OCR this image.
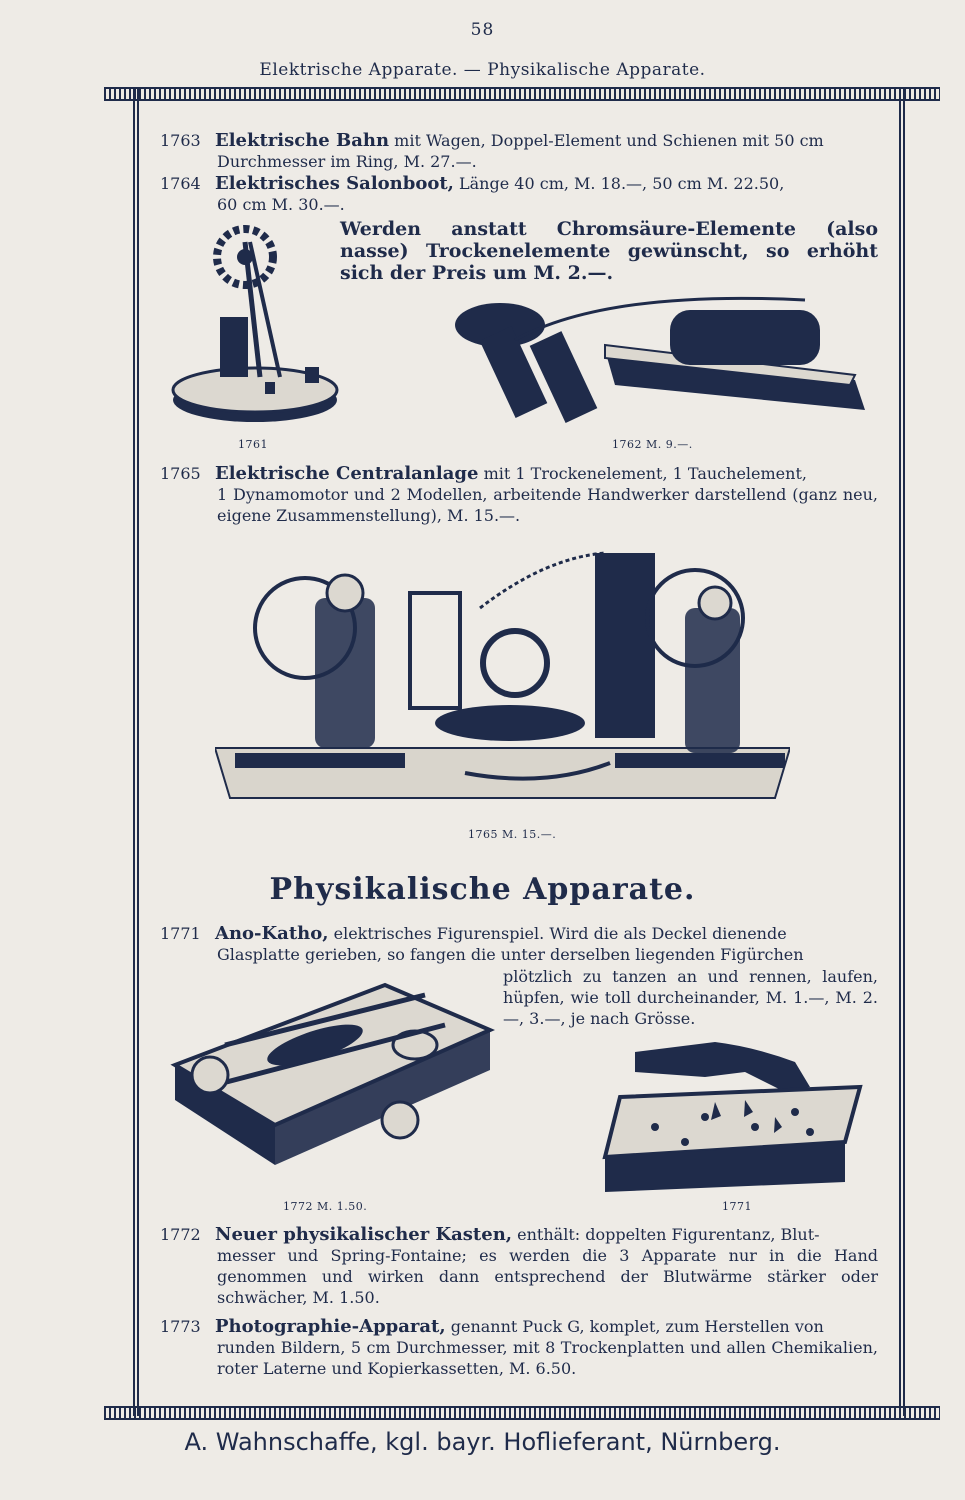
58
Elektrische Apparate. — Physikalische Apparate.
1763 Elektrische Bahn mit Wagen, Doppel-Element und Schienen mit 50 cm
Durchmesser im Ring, M. 27.—.
1764 Elektrisches Salonboot, Länge 40 cm, M. 18.—, 50 cm M. 22.50,
60 cm M. 30.—.
Werden anstatt Chromsäure-Elemente (also nasse) Trockenelemente gewünscht, so erhöht sich der Preis um M. 2.—.
1761	1762 M. 9.—.
1765 Elektrische Centralanlage mit 1 Trockenelement, 1 Tauchelement,
1 Dynamomotor und 2 Modellen, arbeitende Handwerker darstellend (ganz neu, eigene Zusammenstellung), M. 15.—.
1765 M. 15.—.
Physikalische Apparate.
1771 Ano-Katho, elektrisches Figurenspiel. Wird die als Deckel dienende
Glasplatte gerieben, so fangen die unter derselben liegenden Figürchen
plötzlich zu tanzen an und rennen, laufen, hüpfen, wie toll durcheinander, M. 1.—, M. 2.—, 3.—, je nach Grösse.
1772 M. 1.50.	1771
1772 Neuer physikalischer Kasten, enthält: doppelten Figurentanz, Blut-
messer und Spring-Fontaine; es werden die 3 Apparate nur in die Hand genommen und wirken dann entsprechend der Blutwärme stärker oder schwächer, M. 1.50.
1773 Photographie-Apparat, genannt Puck G, komplet, zum Herstellen von
runden Bildern, 5 cm Durchmesser, mit 8 Trockenplatten und allen Chemikalien, roter Laterne und Kopierkassetten, M. 6.50.
A. Wahnschaffe, kgl. bayr. Hoflieferant, Nürnberg.
